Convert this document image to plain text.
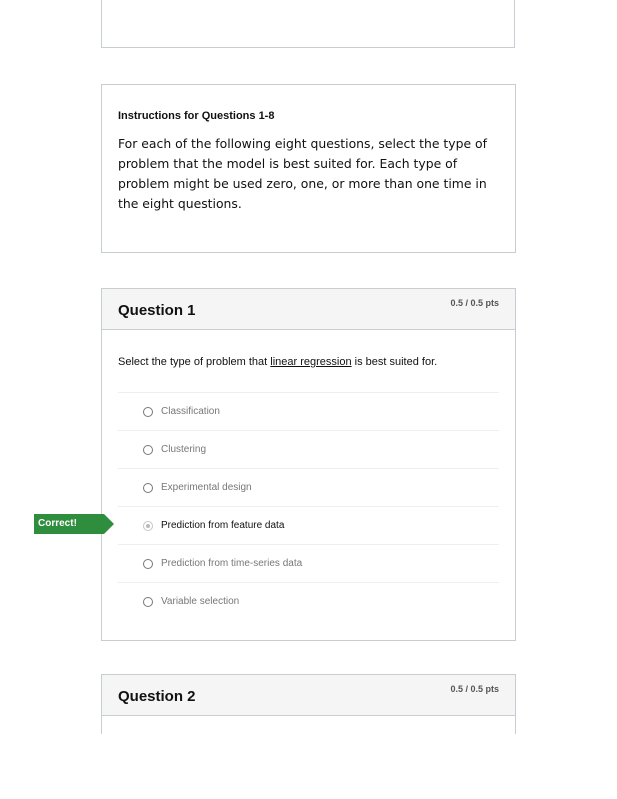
Instructions for Questions 1-8

For each of the following eight questions, select the type of problem that the model is best suited for. Each type of problem might be used zero, one, or more than one time in the eight questions.

Question 1	0.5 / 0.5 pts
Select the type of problem that linear regression is best suited for.
Classification
Clustering
Experimental design
Prediction from feature data
Prediction from time-series data
Variable selection
Correct!
Question 2	0.5 / 0.5 pts
